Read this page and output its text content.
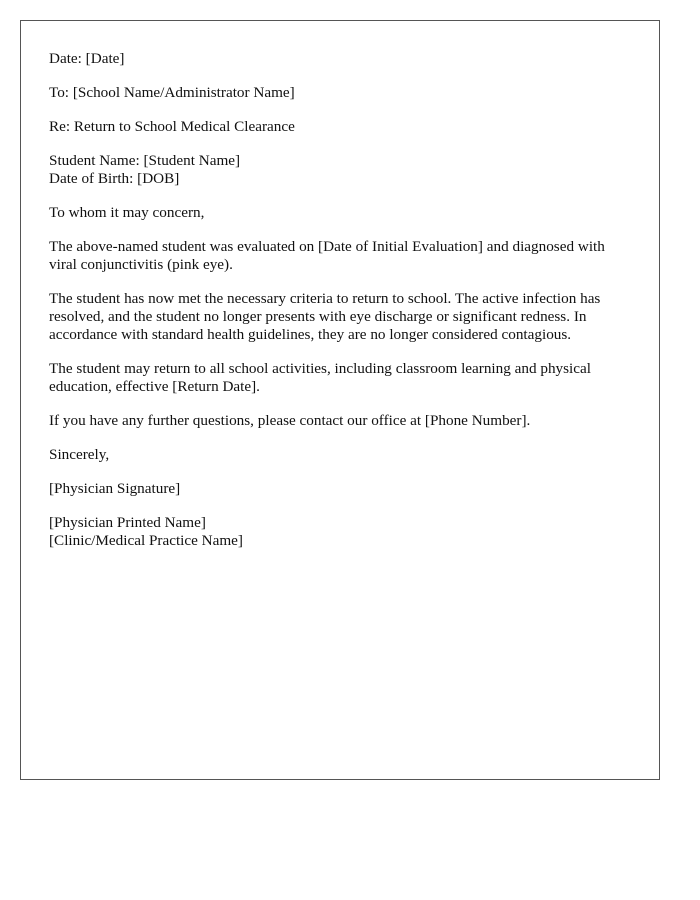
Date: [Date]

To: [School Name/Administrator Name]

Re: Return to School Medical Clearance

Student Name: [Student Name]
Date of Birth: [DOB]

To whom it may concern,

The above-named student was evaluated on [Date of Initial Evaluation] and diagnosed with viral conjunctivitis (pink eye).

The student has now met the necessary criteria to return to school. The active infection has resolved, and the student no longer presents with eye discharge or significant redness. In accordance with standard health guidelines, they are no longer considered contagious.

The student may return to all school activities, including classroom learning and physical education, effective [Return Date].

If you have any further questions, please contact our office at [Phone Number].

Sincerely,

[Physician Signature]

[Physician Printed Name]
[Clinic/Medical Practice Name]
